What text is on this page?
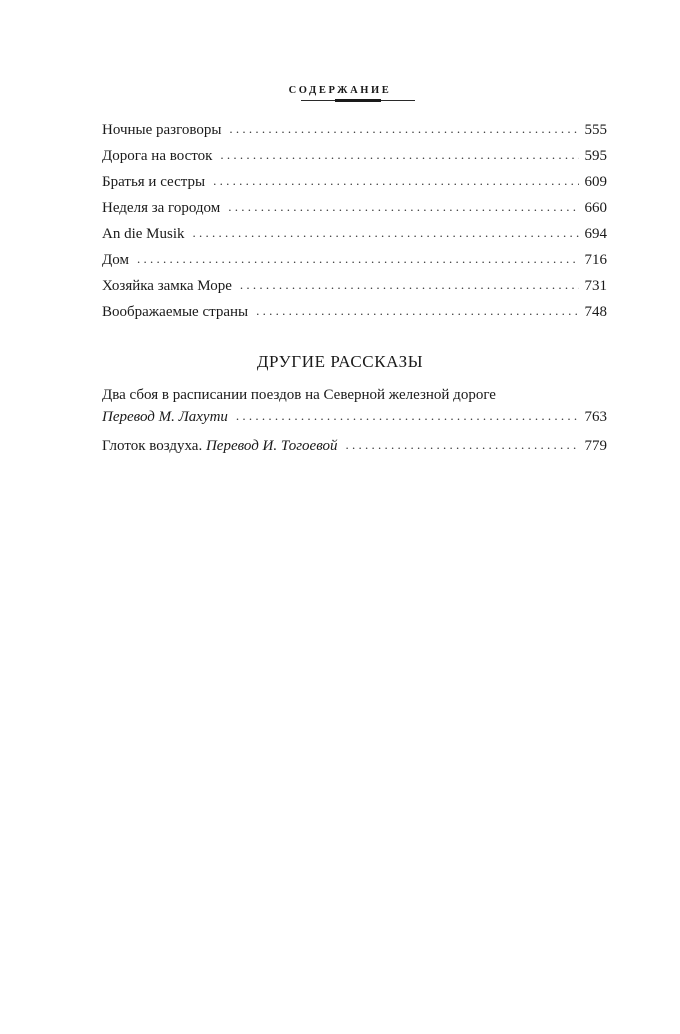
СОДЕРЖАНИЕ
Ночные разговоры . . .	555
Дорога на восток . . .	595
Братья и сестры . . .	609
Неделя за городом . . .	660
An die Musik . . .	694
Дом . . .	716
Хозяйка замка Море . . .	731
Воображаемые страны . . .	748
ДРУГИЕ РАССКАЗЫ
Два сбоя в расписании поездов на Северной железной дороге
Перевод М. Лахути . . .	763
Глоток воздуха. Перевод И. Тогоевой . . .	779
